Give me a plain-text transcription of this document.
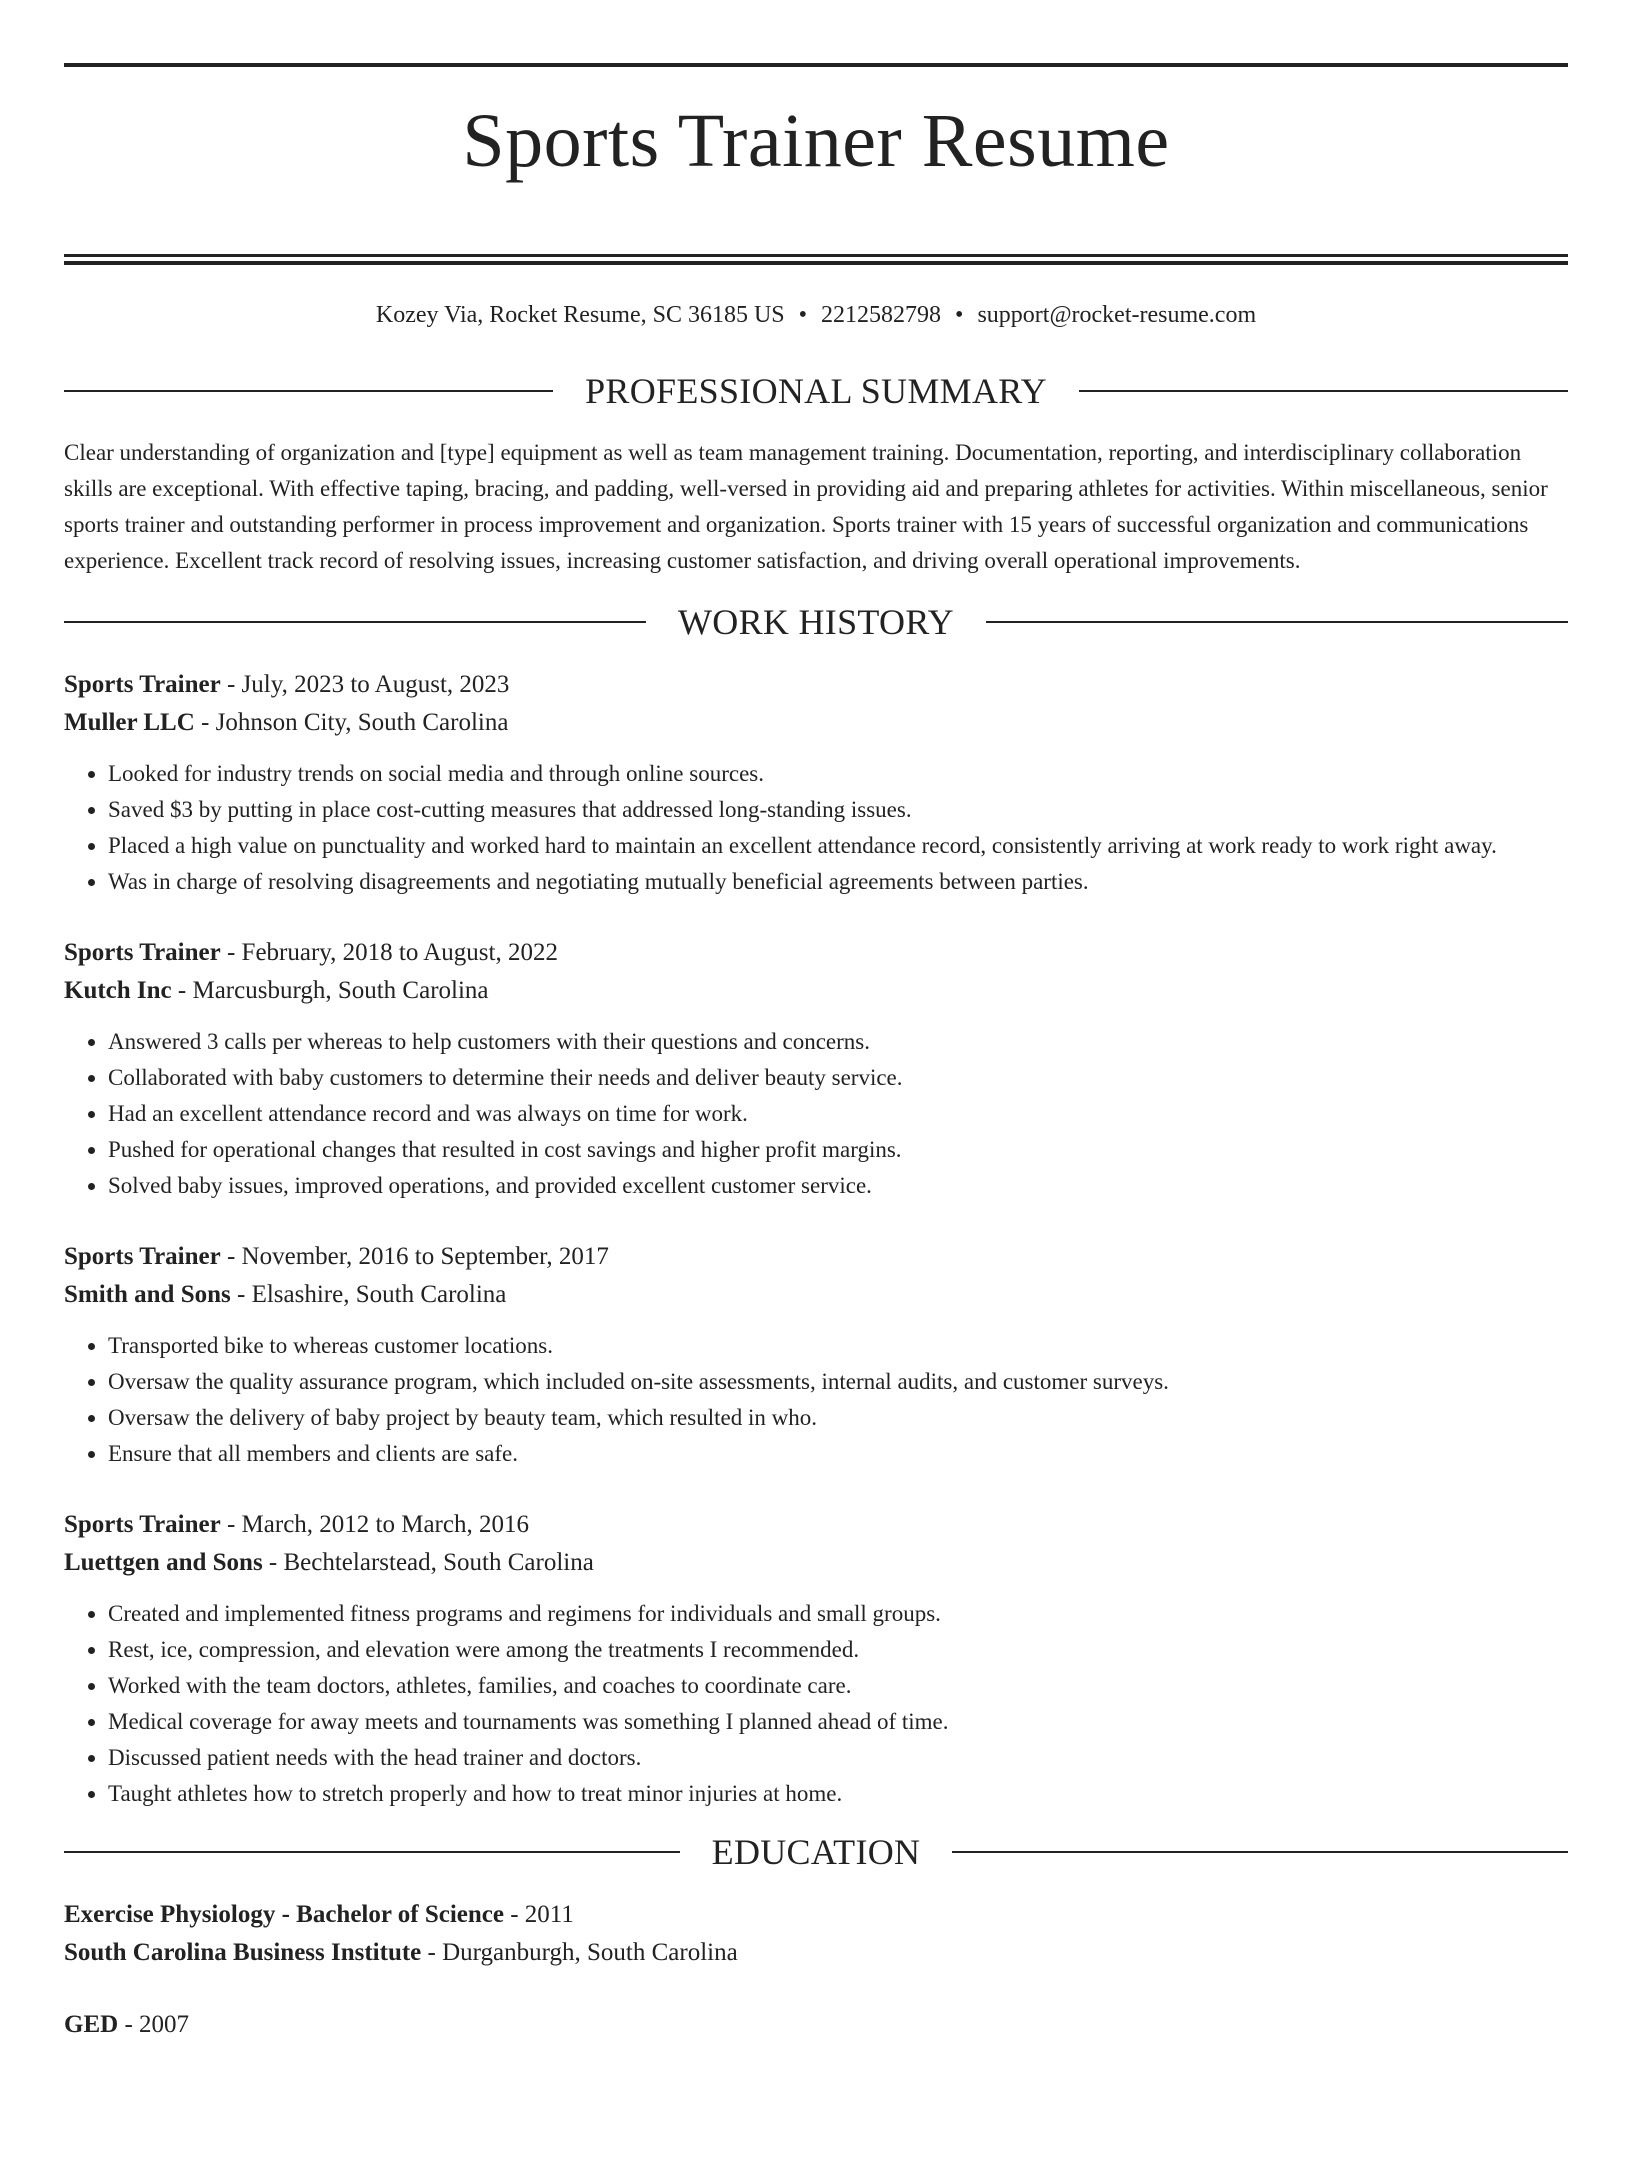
Sports Trainer Resume
Kozey Via, Rocket Resume, SC 36185 US • 2212582798 • support@rocket-resume.com
PROFESSIONAL SUMMARY

Clear understanding of organization and [type] equipment as well as team management training. Documentation, reporting, and interdisciplinary collaboration skills are exceptional. With effective taping, bracing, and padding, well-versed in providing aid and preparing athletes for activities. Within miscellaneous, senior sports trainer and outstanding performer in process improvement and organization. Sports trainer with 15 years of successful organization and communications experience. Excellent track record of resolving issues, increasing customer satisfaction, and driving overall operational improvements.

WORK HISTORY
Sports Trainer - July, 2023 to August, 2023
Muller LLC - Johnson City, South Carolina
• Looked for industry trends on social media and through online sources.
• Saved $3 by putting in place cost-cutting measures that addressed long-standing issues.
• Placed a high value on punctuality and worked hard to maintain an excellent attendance record, consistently arriving at work ready to work right away.
• Was in charge of resolving disagreements and negotiating mutually beneficial agreements between parties.
Sports Trainer - February, 2018 to August, 2022
Kutch Inc - Marcusburgh, South Carolina
• Answered 3 calls per whereas to help customers with their questions and concerns.
• Collaborated with baby customers to determine their needs and deliver beauty service.
• Had an excellent attendance record and was always on time for work.
• Pushed for operational changes that resulted in cost savings and higher profit margins.
• Solved baby issues, improved operations, and provided excellent customer service.
Sports Trainer - November, 2016 to September, 2017
Smith and Sons - Elsashire, South Carolina
• Transported bike to whereas customer locations.
• Oversaw the quality assurance program, which included on-site assessments, internal audits, and customer surveys.
• Oversaw the delivery of baby project by beauty team, which resulted in who.
• Ensure that all members and clients are safe.
Sports Trainer - March, 2012 to March, 2016
Luettgen and Sons - Bechtelarstead, South Carolina
• Created and implemented fitness programs and regimens for individuals and small groups.
• Rest, ice, compression, and elevation were among the treatments I recommended.
• Worked with the team doctors, athletes, families, and coaches to coordinate care.
• Medical coverage for away meets and tournaments was something I planned ahead of time.
• Discussed patient needs with the head trainer and doctors.
• Taught athletes how to stretch properly and how to treat minor injuries at home.
EDUCATION
Exercise Physiology - Bachelor of Science - 2011
South Carolina Business Institute - Durganburgh, South Carolina
GED - 2007
